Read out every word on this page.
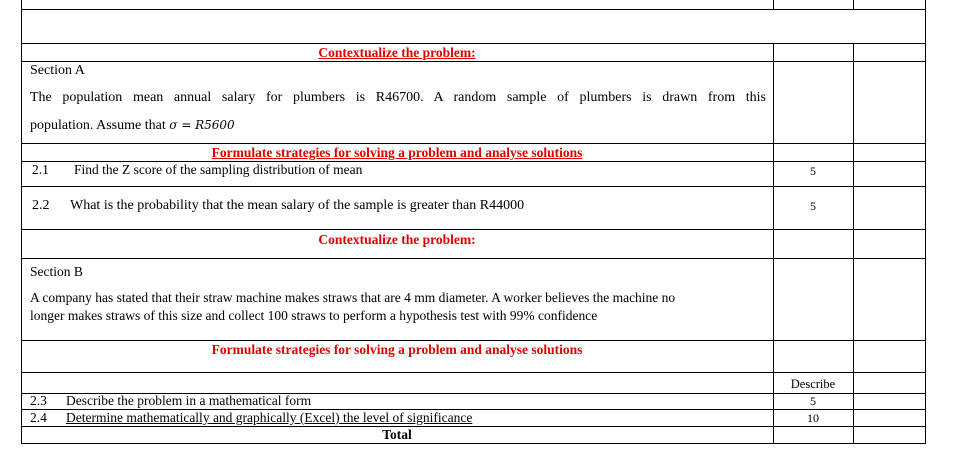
Contextualize the problem:
Section A
The population mean annual salary for plumbers is R46700. A random sample of plumbers is drawn from this
population. Assume that σ = R5600
Formulate strategies for solving a problem and analyse solutions
2.1 Find the Z score of the sampling distribution of mean	5
2.2 What is the probability that the mean salary of the sample is greater than R44000	5
Contextualize the problem:
Section B
A company has stated that their straw machine makes straws that are 4 mm diameter. A worker believes the machine no
longer makes straws of this size and collect 100 straws to perform a hypothesis test with 99% confidence
Formulate strategies for solving a problem and analyse solutions
Describe
2.3 Describe the problem in a mathematical form	5
2.4 Determine mathematically and graphically (Excel) the level of significance	10
Total
